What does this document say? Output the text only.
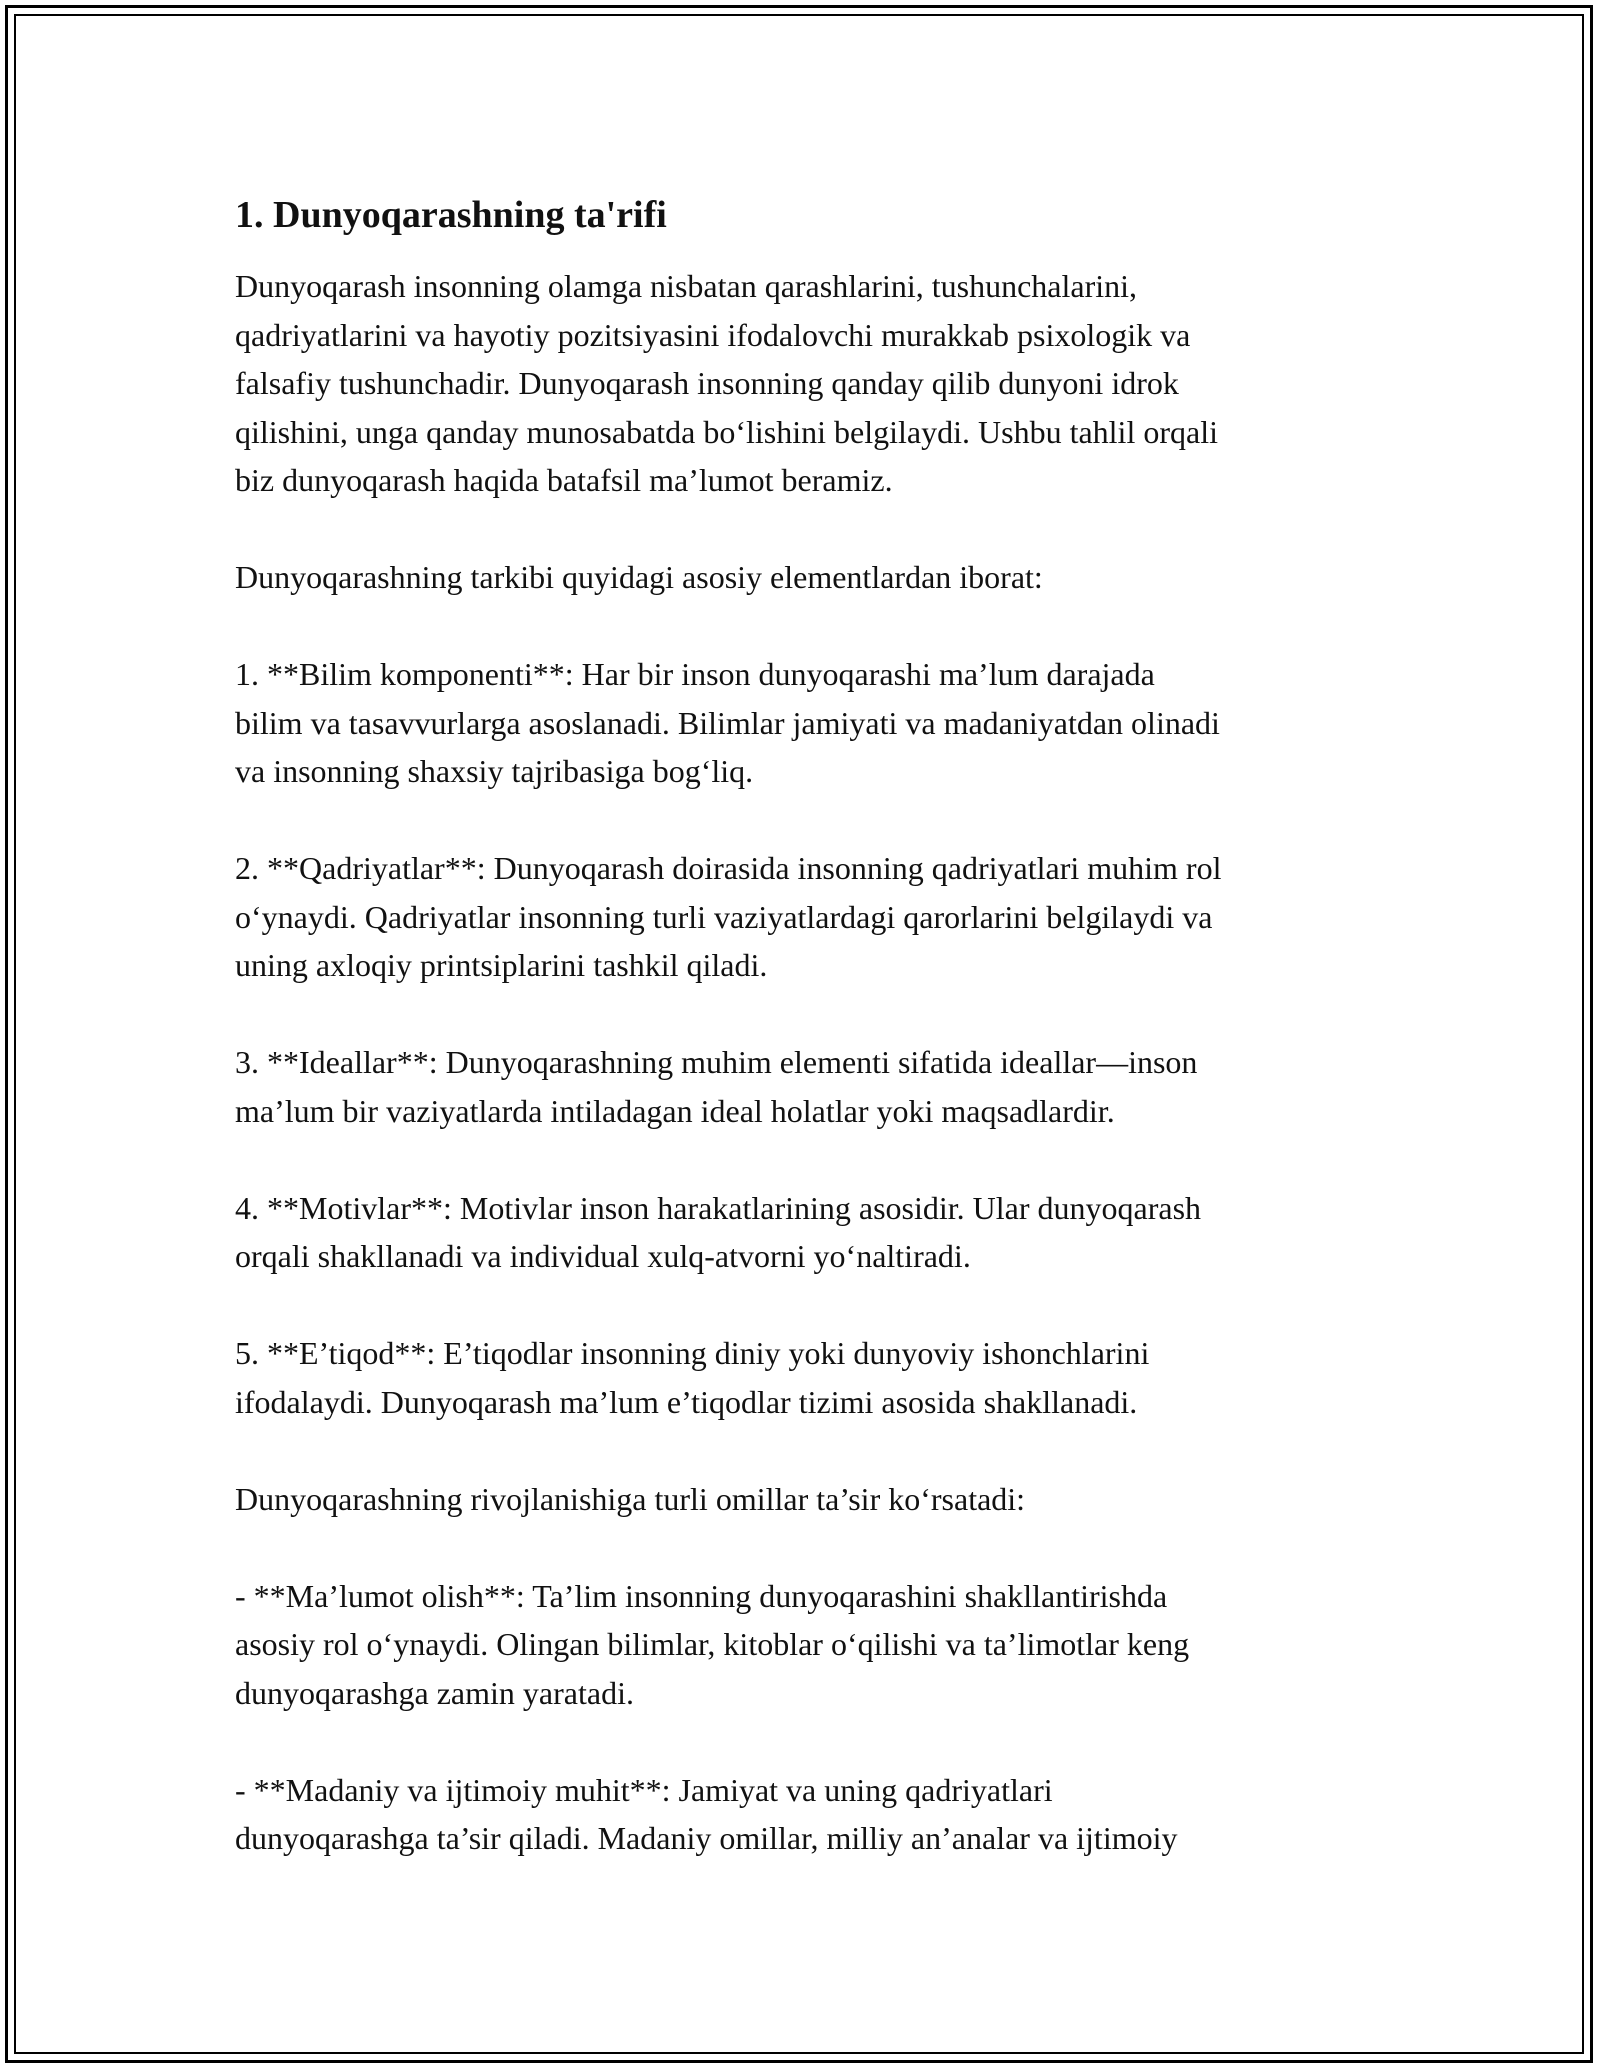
1. Dunyoqarashning ta'rifi

Dunyoqarash insonning olamga nisbatan qarashlarini, tushunchalarini,
qadriyatlarini va hayotiy pozitsiyasini ifodalovchi murakkab psixologik va
falsafiy tushunchadir. Dunyoqarash insonning qanday qilib dunyoni idrok
qilishini, unga qanday munosabatda bo‘lishini belgilaydi. Ushbu tahlil orqali
biz dunyoqarash haqida batafsil ma’lumot beramiz.

Dunyoqarashning tarkibi quyidagi asosiy elementlardan iborat:

1. **Bilim komponenti**: Har bir inson dunyoqarashi ma’lum darajada
bilim va tasavvurlarga asoslanadi. Bilimlar jamiyati va madaniyatdan olinadi
va insonning shaxsiy tajribasiga bog‘liq.

2. **Qadriyatlar**: Dunyoqarash doirasida insonning qadriyatlari muhim rol
o‘ynaydi. Qadriyatlar insonning turli vaziyatlardagi qarorlarini belgilaydi va
uning axloqiy printsiplarini tashkil qiladi.

3. **Ideallar**: Dunyoqarashning muhim elementi sifatida ideallar—inson
ma’lum bir vaziyatlarda intiladagan ideal holatlar yoki maqsadlardir.

4. **Motivlar**: Motivlar inson harakatlarining asosidir. Ular dunyoqarash
orqali shakllanadi va individual xulq-atvorni yo‘naltiradi.

5. **E’tiqod**: E’tiqodlar insonning diniy yoki dunyoviy ishonchlarini
ifodalaydi. Dunyoqarash ma’lum e’tiqodlar tizimi asosida shakllanadi.

Dunyoqarashning rivojlanishiga turli omillar ta’sir ko‘rsatadi:

- **Ma’lumot olish**: Ta’lim insonning dunyoqarashini shakllantirishda
asosiy rol o‘ynaydi. Olingan bilimlar, kitoblar o‘qilishi va ta’limotlar keng
dunyoqarashga zamin yaratadi.

- **Madaniy va ijtimoiy muhit**: Jamiyat va uning qadriyatlari
dunyoqarashga ta’sir qiladi. Madaniy omillar, milliy an’analar va ijtimoiy
